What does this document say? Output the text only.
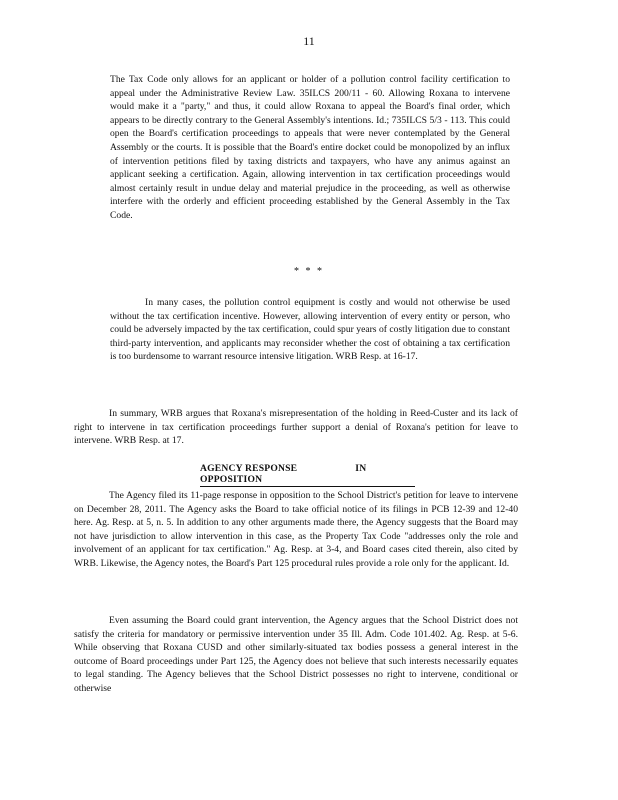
11
The Tax Code only allows for an applicant or holder of a pollution control facility certification to appeal under the Administrative Review Law. 35ILCS 200/11 - 60. Allowing Roxana to intervene would make it a "party," and thus, it could allow Roxana to appeal the Board's final order, which appears to be directly contrary to the General Assembly's intentions. Id.; 735ILCS 5/3 - 113. This could open the Board's certification proceedings to appeals that were never contemplated by the General Assembly or the courts. It is possible that the Board's entire docket could be monopolized by an influx of intervention petitions filed by taxing districts and taxpayers, who have any animus against an applicant seeking a certification. Again, allowing intervention in tax certification proceedings would almost certainly result in undue delay and material prejudice in the proceeding, as well as otherwise interfere with the orderly and efficient proceeding established by the General Assembly in the Tax Code.
* * *
In many cases, the pollution control equipment is costly and would not otherwise be used without the tax certification incentive. However, allowing intervention of every entity or person, who could be adversely impacted by the tax certification, could spur years of costly litigation due to constant third-party intervention, and applicants may reconsider whether the cost of obtaining a tax certification is too burdensome to warrant resource intensive litigation. WRB Resp. at 16-17.
In summary, WRB argues that Roxana's misrepresentation of the holding in Reed-Custer and its lack of right to intervene in tax certification proceedings further support a denial of Roxana's petition for leave to intervene. WRB Resp. at 17.
AGENCY RESPONSE	IN OPPOSITION
The Agency filed its 11-page response in opposition to the School District's petition for leave to intervene on December 28, 2011. The Agency asks the Board to take official notice of its filings in PCB 12-39 and 12-40 here. Ag. Resp. at 5, n. 5. In addition to any other arguments made there, the Agency suggests that the Board may not have jurisdiction to allow intervention in this case, as the Property Tax Code "addresses only the role and involvement of an applicant for tax certification." Ag. Resp. at 3-4, and Board cases cited therein, also cited by WRB. Likewise, the Agency notes, the Board's Part 125 procedural rules provide a role only for the applicant. Id.
Even assuming the Board could grant intervention, the Agency argues that the School District does not satisfy the criteria for mandatory or permissive intervention under 35 Ill. Adm. Code 101.402. Ag. Resp. at 5-6. While observing that Roxana CUSD and other similarly-situated tax bodies possess a general interest in the outcome of Board proceedings under Part 125, the Agency does not believe that such interests necessarily equates to legal standing. The Agency believes that the School District possesses no right to intervene, conditional or otherwise
